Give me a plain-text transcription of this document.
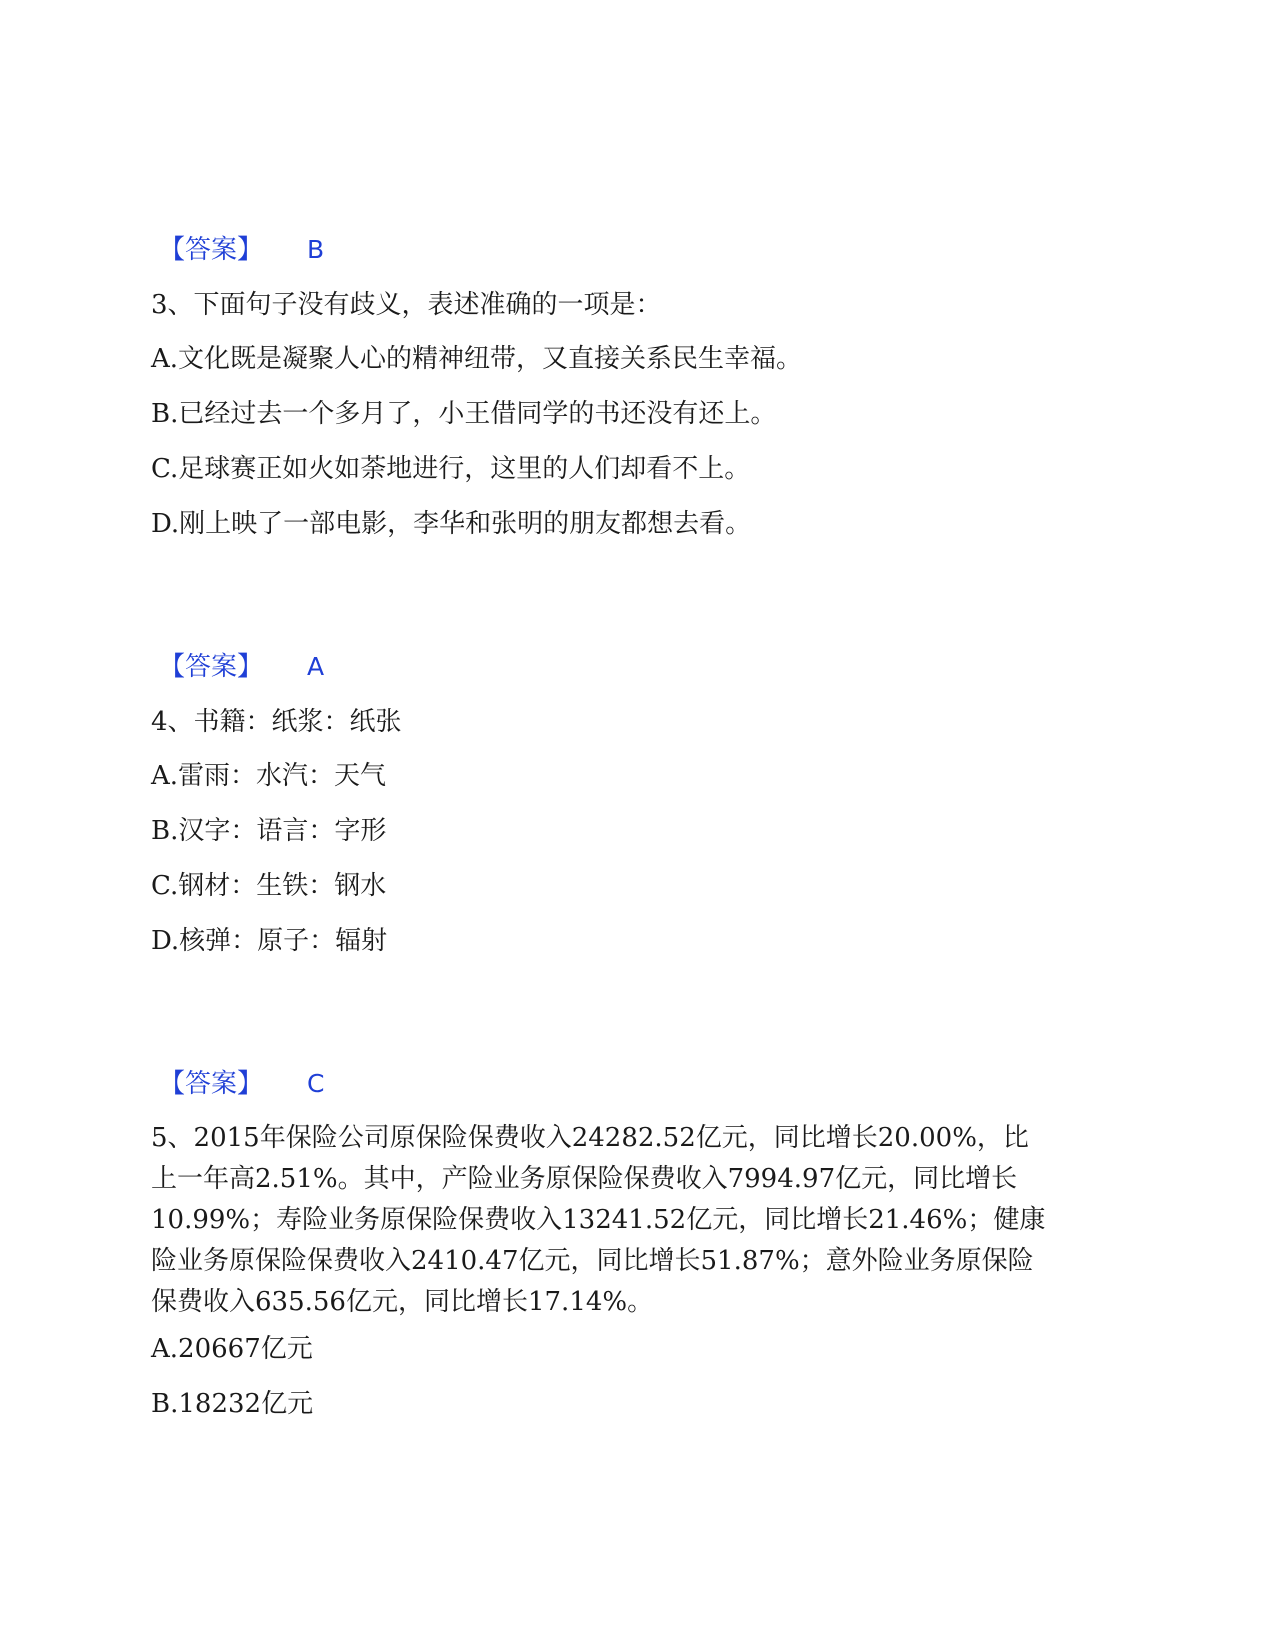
【答案】 B
3、下面句子没有歧义，表述准确的一项是：
A.文化既是凝聚人心的精神纽带，又直接关系民生幸福。
B.已经过去一个多月了，小王借同学的书还没有还上。
C.足球赛正如火如荼地进行，这里的人们却看不上。
D.刚上映了一部电影，李华和张明的朋友都想去看。
【答案】 A
4、书籍：纸浆：纸张
A.雷雨：水汽：天气
B.汉字：语言：字形
C.钢材：生铁：钢水
D.核弹：原子：辐射
【答案】 C
5、2015年保险公司原保险保费收入24282.52亿元，同比增长20.00%，比
上一年高2.51%。其中，产险业务原保险保费收入7994.97亿元，同比增长
10.99%；寿险业务原保险保费收入13241.52亿元，同比增长21.46%；健康
险业务原保险保费收入2410.47亿元，同比增长51.87%；意外险业务原保险
保费收入635.56亿元，同比增长17.14%。
A.20667亿元
B.18232亿元
